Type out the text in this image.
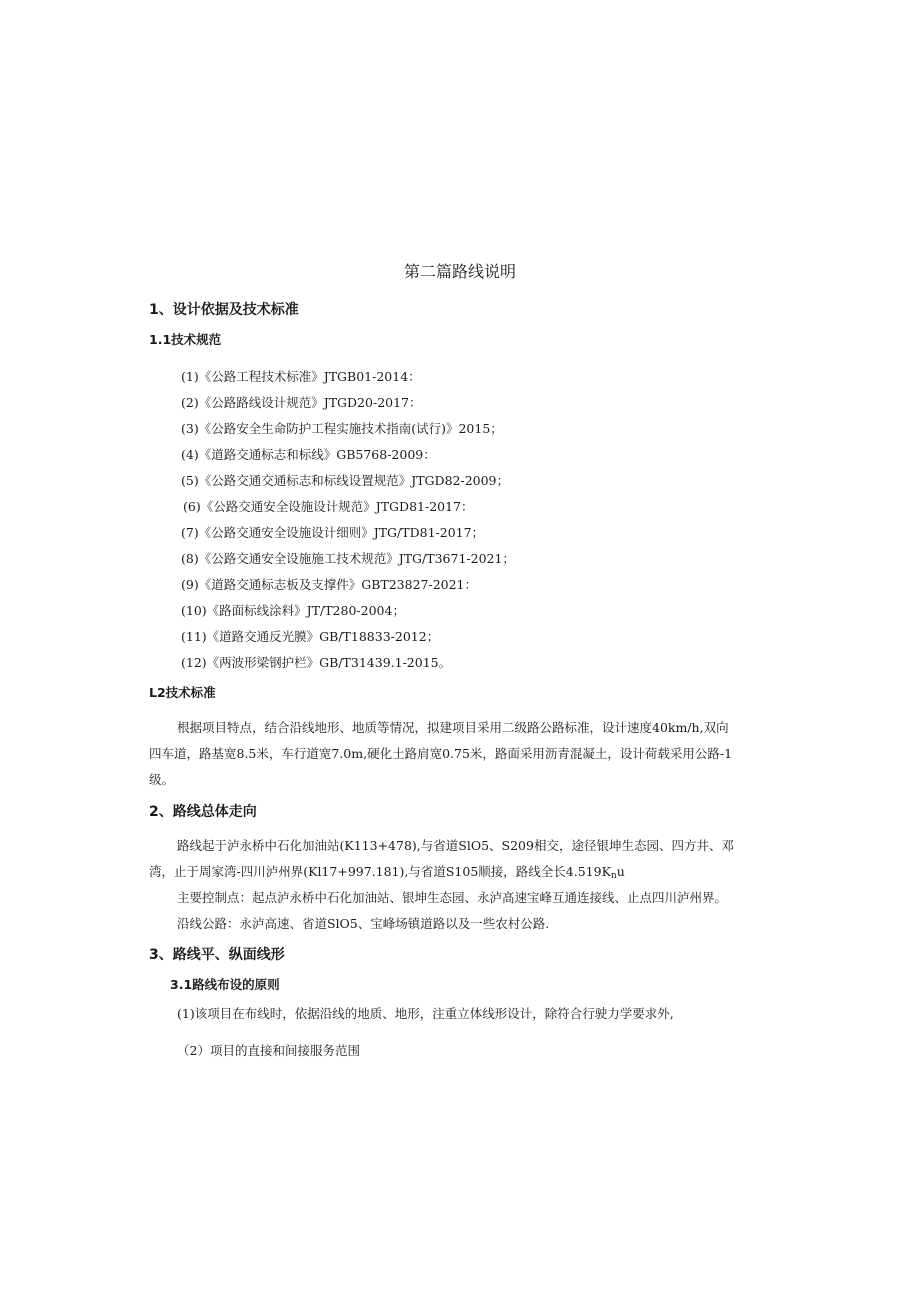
第二篇路线说明
1、设计依据及技术标准
1.1技术规范
(1)《公路工程技术标准》JTGB01-2014：
(2)《公路路线设计规范》JTGD20-2017：
(3)《公路安全生命防护工程实施技术指南(试行)》2015；
(4)《道路交通标志和标线》GB5768-2009：
(5)《公路交通交通标志和标线设置规范》JTGD82-2009；
(6)《公路交通安全设施设计规范》JTGD81-2017：
(7)《公路交通安全设施设计细则》JTG/TD81-2017；
(8)《公路交通安全设施施工技术规范》JTG/T3671-2021；
(9)《道路交通标志板及支撑件》GBT23827-2021：
(10)《路面标线涂料》JT/T280-2004；
(11)《道路交通反光膜》GB/T18833-2012；
(12)《两波形梁钢护栏》GB/T31439.1-2015。
L2技术标准
根据项目特点，结合沿线地形、地质等情况，拟建项目采用二级路公路标准，设计速度40km/h,双向
四车道，路基宽8.5米，车行道宽7.0m,硬化土路肩宽0.75米，路面采用沥青混凝土，设计荷载采用公路-1
级。
2、路线总体走向
路线起于泸永桥中石化加油站(K113+478),与省道SlO5、S209相交，途径银坤生态园、四方井、邓
湾，止于周家湾-四川泸州界(Kl17+997.181),与省道S105顺接，路线全长$4.519K_nu$
主要控制点：起点泸永桥中石化加油站、银坤生态园、永泸高速宝峰互通连接线、止点四川泸州界。
沿线公路：永泸高速、省道SlO5、宝峰场镇道路以及一些农村公路.
3、路线平、纵面线形
3.1路线布设的原则
(1)该项目在布线时，依据沿线的地质、地形，注重立体线形设计，除符合行驶力学要求外,
（2）项目的直接和间接服务范围
